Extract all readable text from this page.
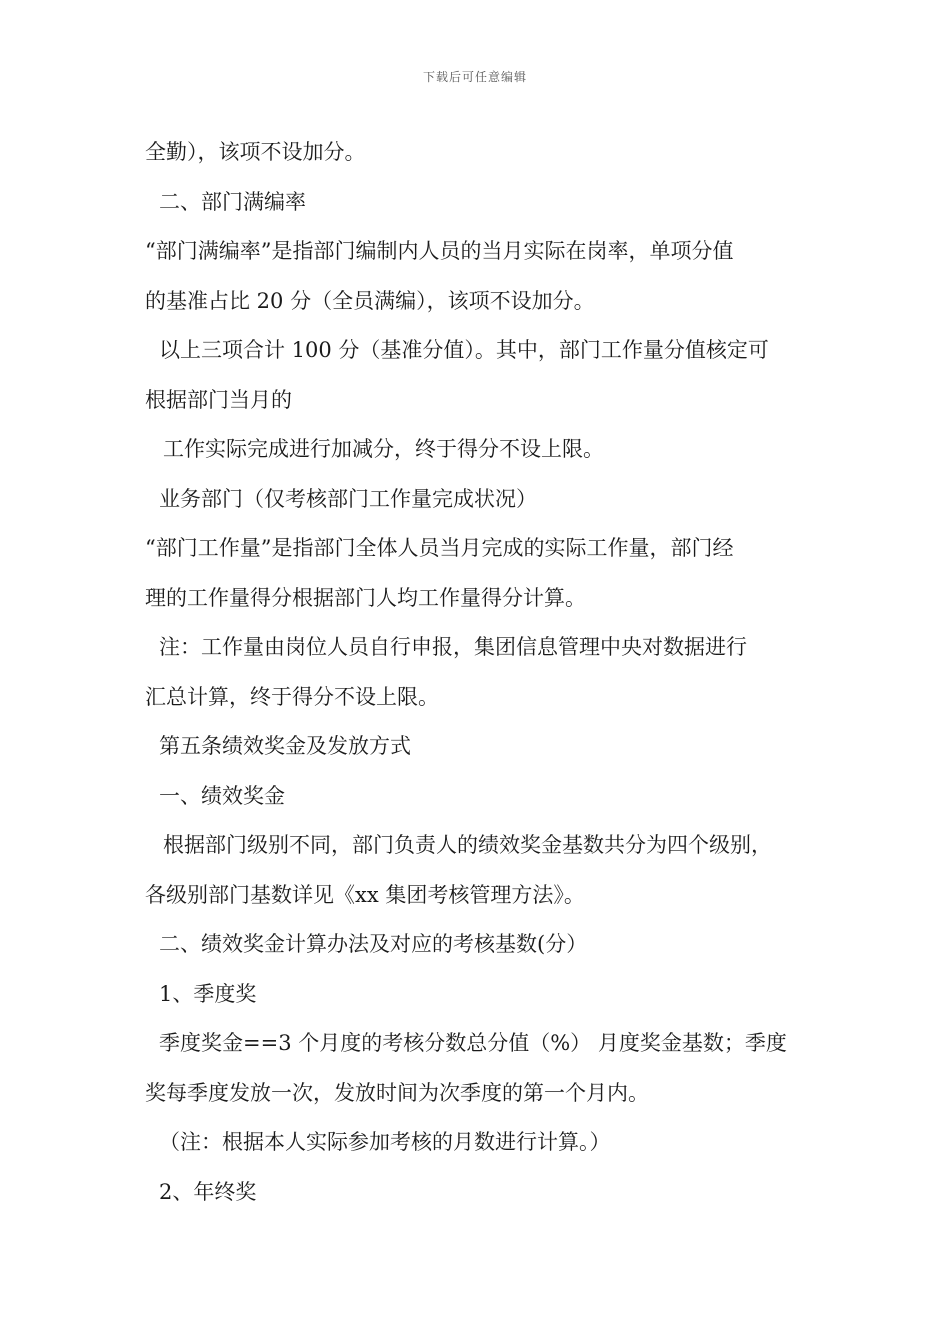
下载后可任意编辑
全勤），该项不设加分。
二、部门满编率
“部门满编率”是指部门编制内人员的当月实际在岗率，单项分值
的基准占比 20 分（全员满编），该项不设加分。
以上三项合计 100 分（基准分值）。其中，部门工作量分值核定可
根据部门当月的
工作实际完成进行加减分，终于得分不设上限。
业务部门（仅考核部门工作量完成状况）
“部门工作量”是指部门全体人员当月完成的实际工作量，部门经
理的工作量得分根据部门人均工作量得分计算。
注：工作量由岗位人员自行申报，集团信息管理中央对数据进行
汇总计算，终于得分不设上限。
第五条绩效奖金及发放方式
一、绩效奖金
根据部门级别不同，部门负责人的绩效奖金基数共分为四个级别，
各级别部门基数详见《xx 集团考核管理方法》。
二、绩效奖金计算办法及对应的考核基数(分）
1、季度奖
季度奖金==3 个月度的考核分数总分值（%） 月度奖金基数；季度
奖每季度发放一次，发放时间为次季度的第一个月内。
（注：根据本人实际参加考核的月数进行计算。）
2、年终奖
